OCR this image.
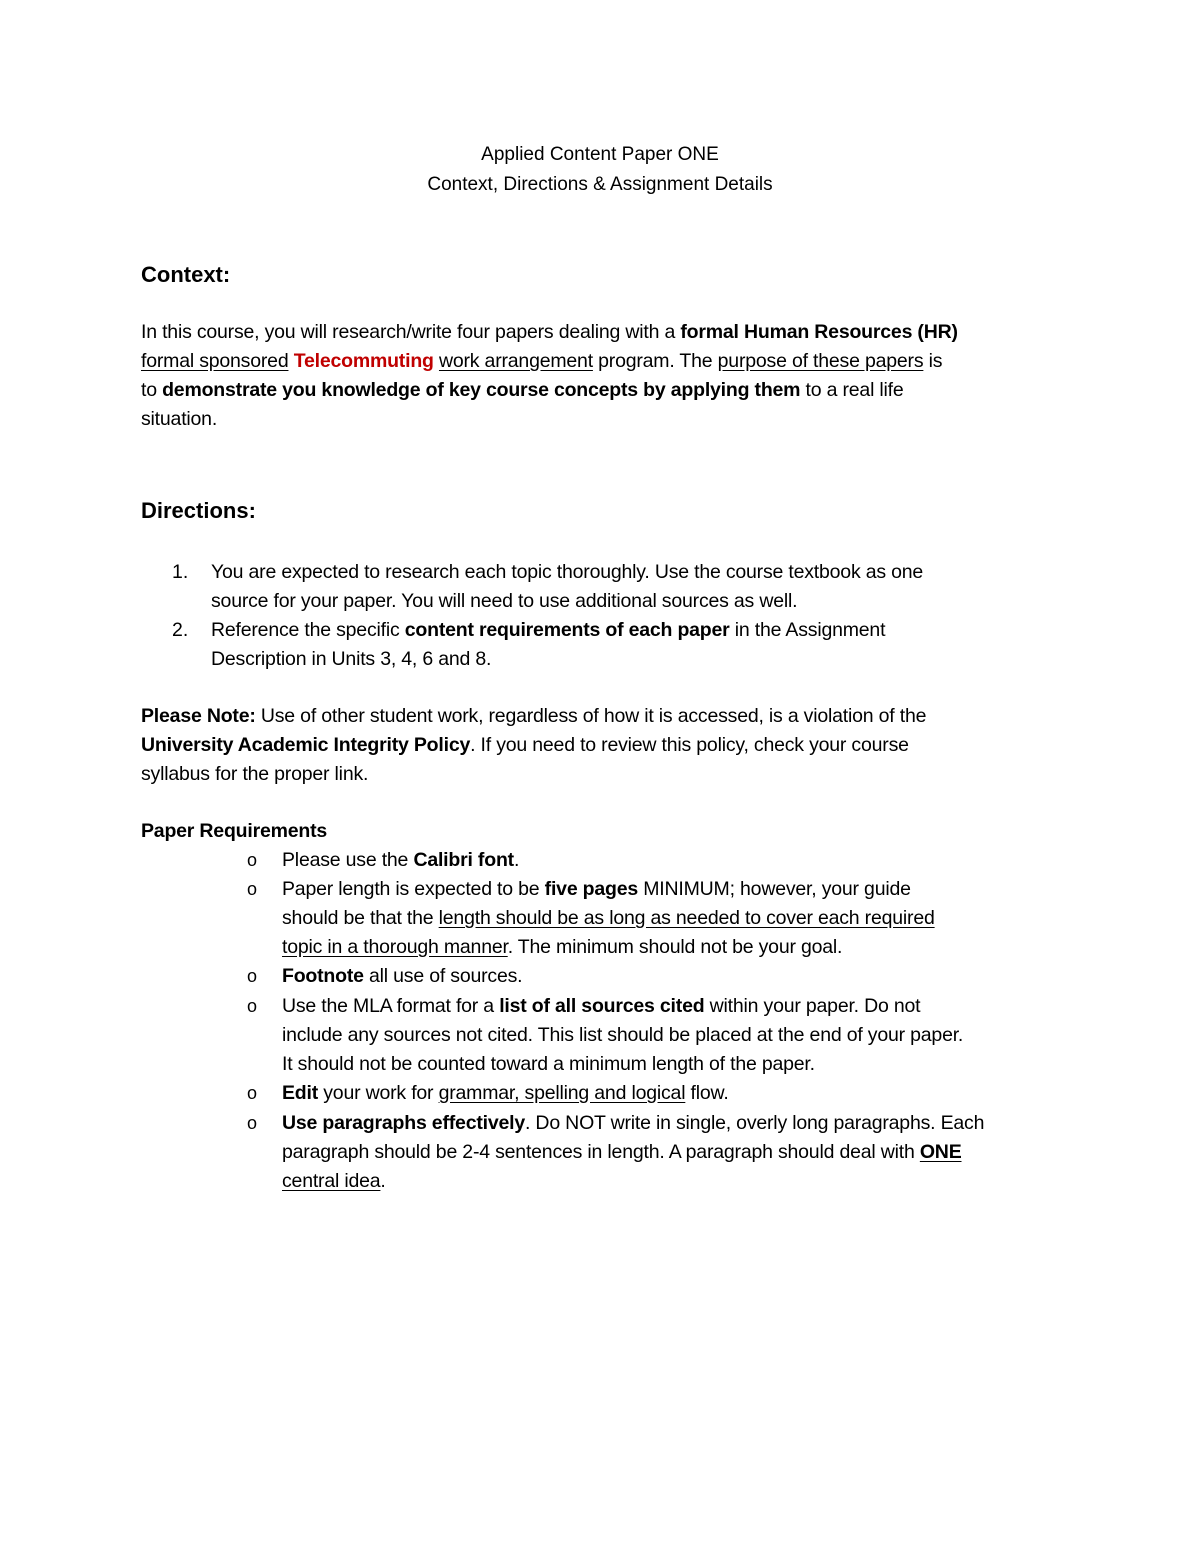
Applied Content Paper ONE
Context, Directions & Assignment Details
Context:
In this course, you will research/write four papers dealing with a formal Human Resources (HR)
formal sponsored Telecommuting work arrangement program. The purpose of these papers is
to demonstrate you knowledge of key course concepts by applying them to a real life
situation.
Directions:
1. You are expected to research each topic thoroughly. Use the course textbook as one
source for your paper. You will need to use additional sources as well.
2. Reference the specific content requirements of each paper in the Assignment
Description in Units 3, 4, 6 and 8.
Please Note: Use of other student work, regardless of how it is accessed, is a violation of the
University Academic Integrity Policy. If you need to review this policy, check your course
syllabus for the proper link.
Paper Requirements
o Please use the Calibri font.
o Paper length is expected to be five pages MINIMUM; however, your guide
should be that the length should be as long as needed to cover each required
topic in a thorough manner. The minimum should not be your goal.
o Footnote all use of sources.
o Use the MLA format for a list of all sources cited within your paper. Do not
include any sources not cited. This list should be placed at the end of your paper.
It should not be counted toward a minimum length of the paper.
o Edit your work for grammar, spelling and logical flow.
o Use paragraphs effectively. Do NOT write in single, overly long paragraphs. Each
paragraph should be 2-4 sentences in length. A paragraph should deal with ONE
central idea.
